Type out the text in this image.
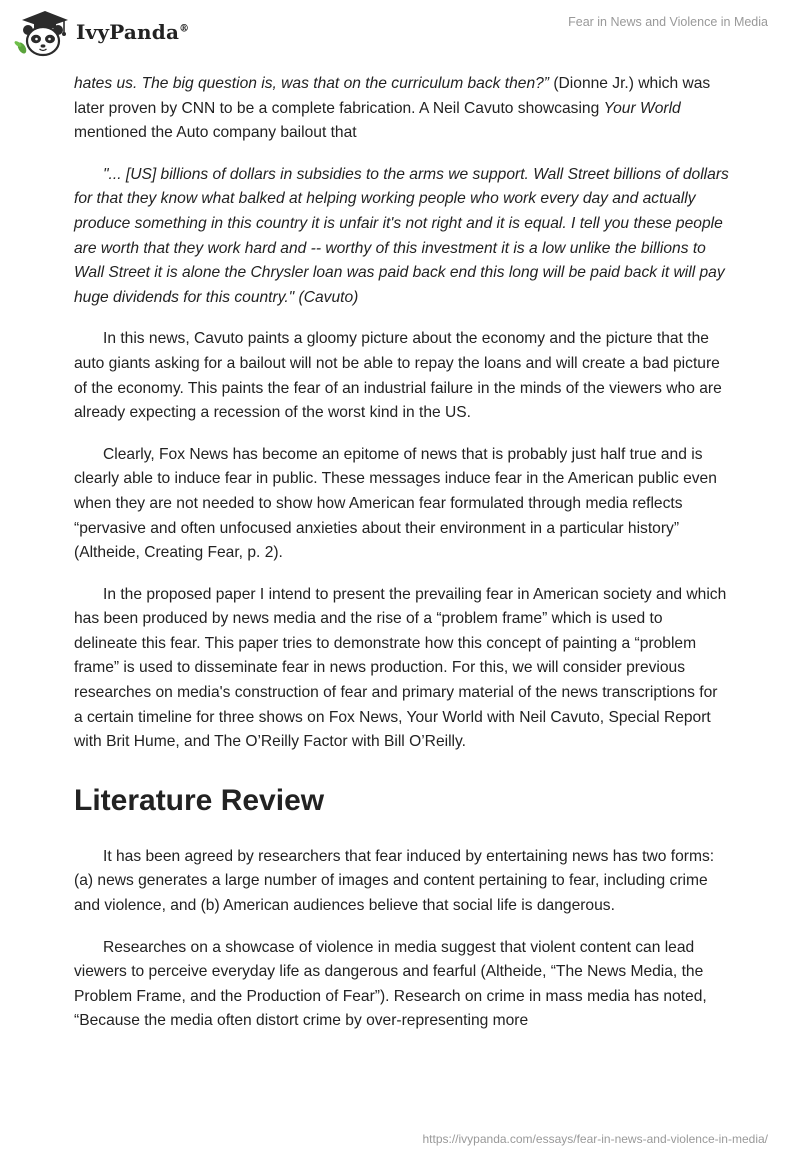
IvyPanda®	Fear in News and Violence in Media

hates us. The big question is, was that on the curriculum back then?” (Dionne Jr.) which was later proven by CNN to be a complete fabrication. A Neil Cavuto showcasing Your World mentioned the Auto company bailout that

"... [US] billions of dollars in subsidies to the arms we support. Wall Street billions of dollars for that they know what balked at helping working people who work every day and actually produce something in this country it is unfair it's not right and it is equal. I tell you these people are worth that they work hard and -- worthy of this investment it is a low unlike the billions to Wall Street it is alone the Chrysler loan was paid back end this long will be paid back it will pay huge dividends for this country." (Cavuto)

In this news, Cavuto paints a gloomy picture about the economy and the picture that the auto giants asking for a bailout will not be able to repay the loans and will create a bad picture of the economy. This paints the fear of an industrial failure in the minds of the viewers who are already expecting a recession of the worst kind in the US.

Clearly, Fox News has become an epitome of news that is probably just half true and is clearly able to induce fear in public. These messages induce fear in the American public even when they are not needed to show how American fear formulated through media reflects “pervasive and often unfocused anxieties about their environment in a particular history” (Altheide, Creating Fear, p. 2).

In the proposed paper I intend to present the prevailing fear in American society and which has been produced by news media and the rise of a “problem frame” which is used to delineate this fear. This paper tries to demonstrate how this concept of painting a “problem frame” is used to disseminate fear in news production. For this, we will consider previous researches on media's construction of fear and primary material of the news transcriptions for a certain timeline for three shows on Fox News, Your World with Neil Cavuto, Special Report with Brit Hume, and The O’Reilly Factor with Bill O’Reilly.

Literature Review

It has been agreed by researchers that fear induced by entertaining news has two forms: (a) news generates a large number of images and content pertaining to fear, including crime and violence, and (b) American audiences believe that social life is dangerous.

Researches on a showcase of violence in media suggest that violent content can lead viewers to perceive everyday life as dangerous and fearful (Altheide, “The News Media, the Problem Frame, and the Production of Fear”). Research on crime in mass media has noted, “Because the media often distort crime by over-representing more

https://ivypanda.com/essays/fear-in-news-and-violence-in-media/
